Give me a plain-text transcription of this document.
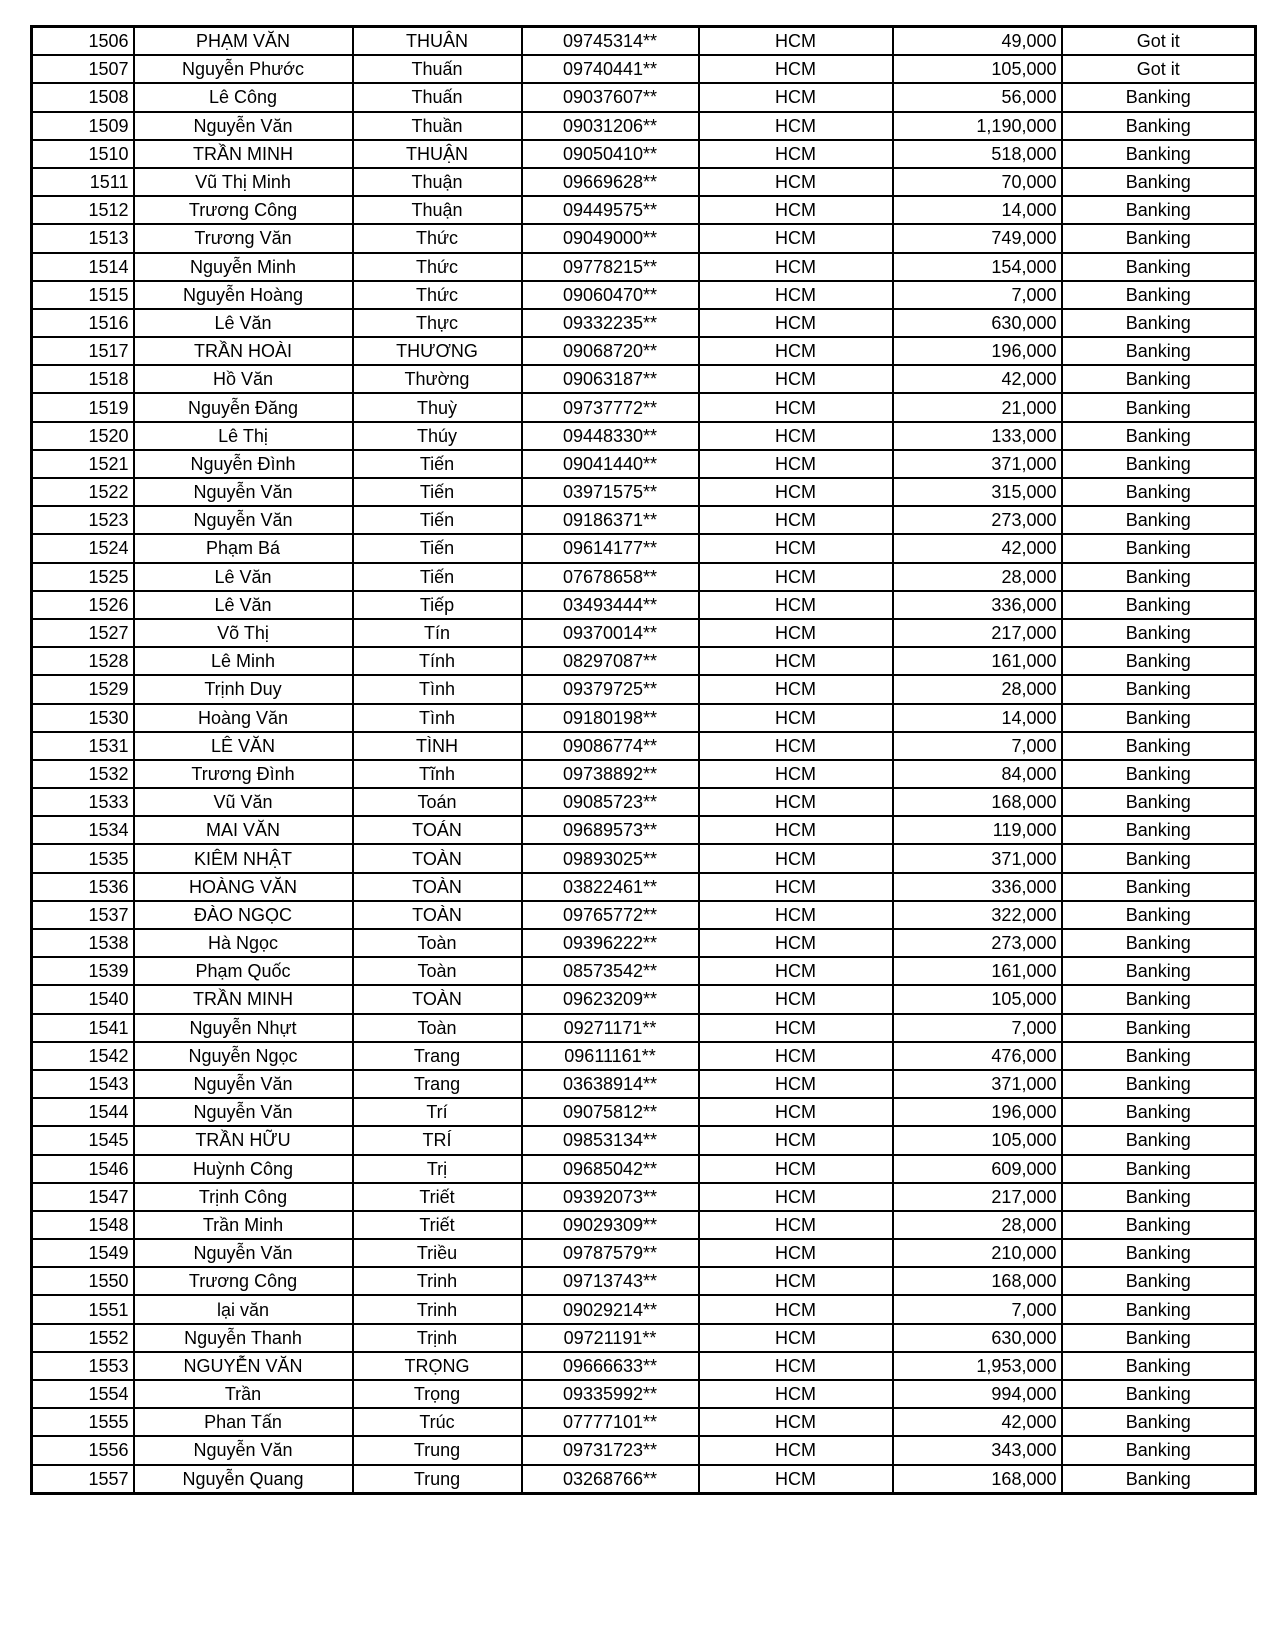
1506	PHẠM VĂN	THUÂN	09745314**	HCM	49,000	Got it
1507	Nguyễn Phước	Thuấn	09740441**	HCM	105,000	Got it
1508	Lê Công	Thuấn	09037607**	HCM	56,000	Banking
1509	Nguyễn Văn	Thuần	09031206**	HCM	1,190,000	Banking
1510	TRẦN MINH	THUẬN	09050410**	HCM	518,000	Banking
1511	Vũ Thị Minh	Thuận	09669628**	HCM	70,000	Banking
1512	Trương Công	Thuận	09449575**	HCM	14,000	Banking
1513	Trương Văn	Thức	09049000**	HCM	749,000	Banking
1514	Nguyễn Minh	Thức	09778215**	HCM	154,000	Banking
1515	Nguyễn Hoàng	Thức	09060470**	HCM	7,000	Banking
1516	Lê Văn	Thực	09332235**	HCM	630,000	Banking
1517	TRẦN HOÀI	THƯƠNG	09068720**	HCM	196,000	Banking
1518	Hồ Văn	Thường	09063187**	HCM	42,000	Banking
1519	Nguyễn Đăng	Thuỳ	09737772**	HCM	21,000	Banking
1520	Lê Thị	Thúy	09448330**	HCM	133,000	Banking
1521	Nguyễn Đình	Tiến	09041440**	HCM	371,000	Banking
1522	Nguyễn Văn	Tiến	03971575**	HCM	315,000	Banking
1523	Nguyễn Văn	Tiến	09186371**	HCM	273,000	Banking
1524	Phạm Bá	Tiến	09614177**	HCM	42,000	Banking
1525	Lê Văn	Tiến	07678658**	HCM	28,000	Banking
1526	Lê Văn	Tiếp	03493444**	HCM	336,000	Banking
1527	Võ Thị	Tín	09370014**	HCM	217,000	Banking
1528	Lê Minh	Tính	08297087**	HCM	161,000	Banking
1529	Trịnh Duy	Tình	09379725**	HCM	28,000	Banking
1530	Hoàng Văn	Tình	09180198**	HCM	14,000	Banking
1531	LÊ VĂN	TÌNH	09086774**	HCM	7,000	Banking
1532	Trương Đình	Tĩnh	09738892**	HCM	84,000	Banking
1533	Vũ Văn	Toán	09085723**	HCM	168,000	Banking
1534	MAI VĂN	TOÁN	09689573**	HCM	119,000	Banking
1535	KIÊM NHẬT	TOÀN	09893025**	HCM	371,000	Banking
1536	HOÀNG VĂN	TOÀN	03822461**	HCM	336,000	Banking
1537	ĐÀO NGỌC	TOÀN	09765772**	HCM	322,000	Banking
1538	Hà Ngọc	Toàn	09396222**	HCM	273,000	Banking
1539	Phạm Quốc	Toàn	08573542**	HCM	161,000	Banking
1540	TRẦN MINH	TOÀN	09623209**	HCM	105,000	Banking
1541	Nguyễn Nhựt	Toàn	09271171**	HCM	7,000	Banking
1542	Nguyễn Ngọc	Trang	09611161**	HCM	476,000	Banking
1543	Nguyễn Văn	Trang	03638914**	HCM	371,000	Banking
1544	Nguyễn Văn	Trí	09075812**	HCM	196,000	Banking
1545	TRẦN HỮU	TRÍ	09853134**	HCM	105,000	Banking
1546	Huỳnh Công	Trị	09685042**	HCM	609,000	Banking
1547	Trịnh Công	Triết	09392073**	HCM	217,000	Banking
1548	Trần Minh	Triết	09029309**	HCM	28,000	Banking
1549	Nguyễn Văn	Triều	09787579**	HCM	210,000	Banking
1550	Trương Công	Trinh	09713743**	HCM	168,000	Banking
1551	lại văn	Trinh	09029214**	HCM	7,000	Banking
1552	Nguyễn Thanh	Trịnh	09721191**	HCM	630,000	Banking
1553	NGUYỄN VĂN	TRỌNG	09666633**	HCM	1,953,000	Banking
1554	Trần	Trọng	09335992**	HCM	994,000	Banking
1555	Phan Tấn	Trúc	07777101**	HCM	42,000	Banking
1556	Nguyễn Văn	Trung	09731723**	HCM	343,000	Banking
1557	Nguyễn Quang	Trung	03268766**	HCM	168,000	Banking
